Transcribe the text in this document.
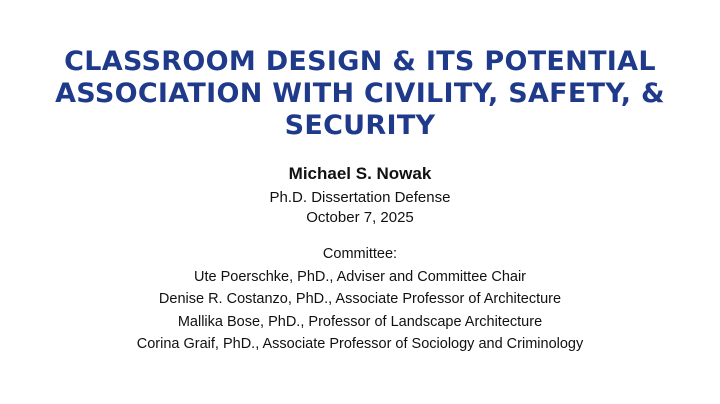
CLASSROOM DESIGN & ITS POTENTIAL
ASSOCIATION WITH CIVILITY, SAFETY, &
SECURITY

Michael S. Nowak

Ph.D. Dissertation Defense

October 7, 2025

Committee:
Ute Poerschke, PhD., Adviser and Committee Chair
Denise R. Costanzo, PhD., Associate Professor of Architecture
Mallika Bose, PhD., Professor of Landscape Architecture
Corina Graif, PhD., Associate Professor of Sociology and Criminology
